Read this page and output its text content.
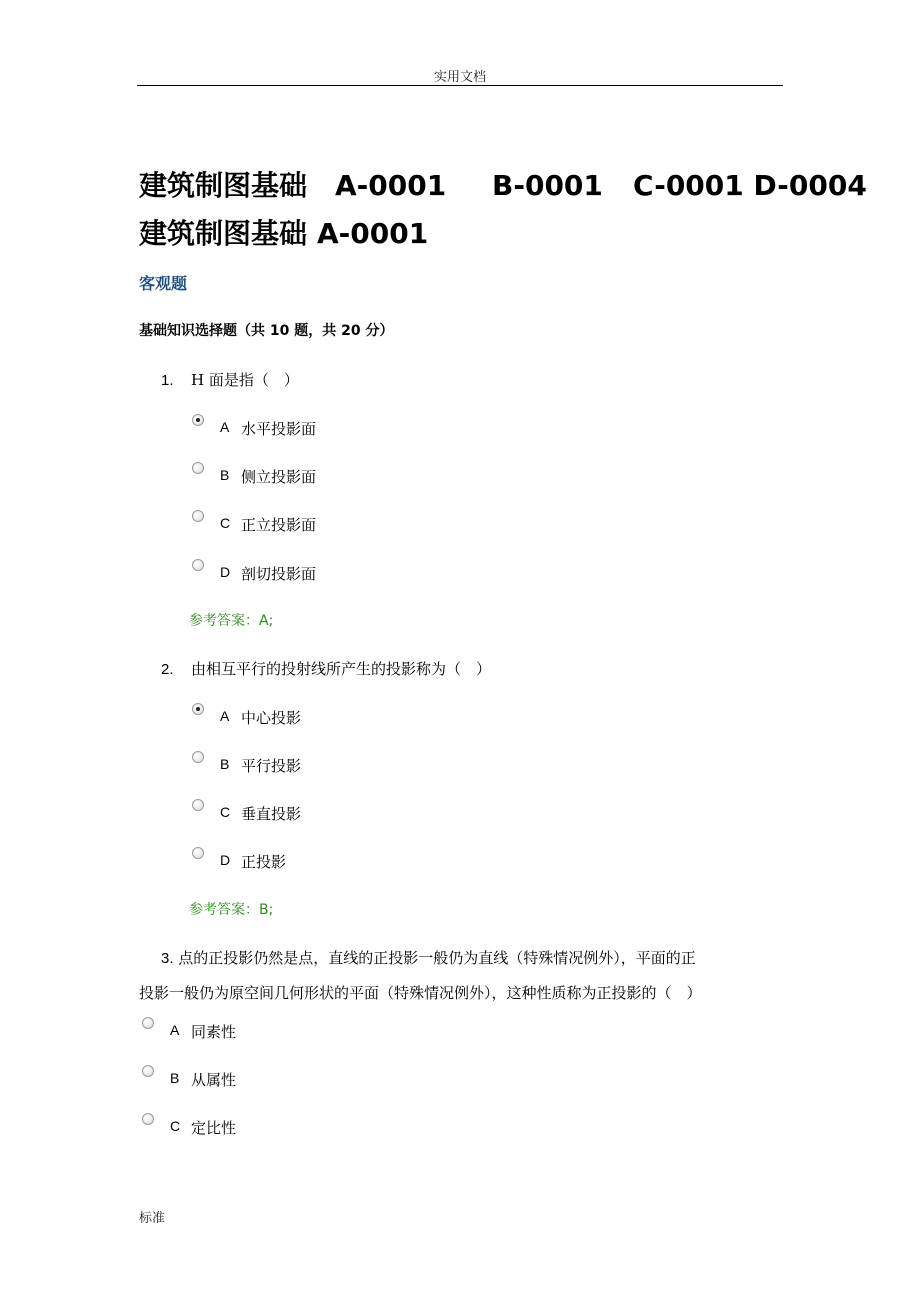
实用文档
建筑制图基础 A-0001 B-0001 C-0001 D-0004
建筑制图基础 A-0001
客观题
基础知识选择题（共 10 题，共 20 分）
1. H 面是指（　）
A 水平投影面
B 侧立投影面
C 正立投影面
D 剖切投影面
参考答案：A;
2. 由相互平行的投射线所产生的投影称为（　）
A 中心投影
B 平行投影
C 垂直投影
D 正投影
参考答案：B;
3. 点的正投影仍然是点，直线的正投影一般仍为直线（特殊情况例外），平面的正
投影一般仍为原空间几何形状的平面（特殊情况例外），这种性质称为正投影的（　）
A 同素性
B 从属性
C 定比性
标准
